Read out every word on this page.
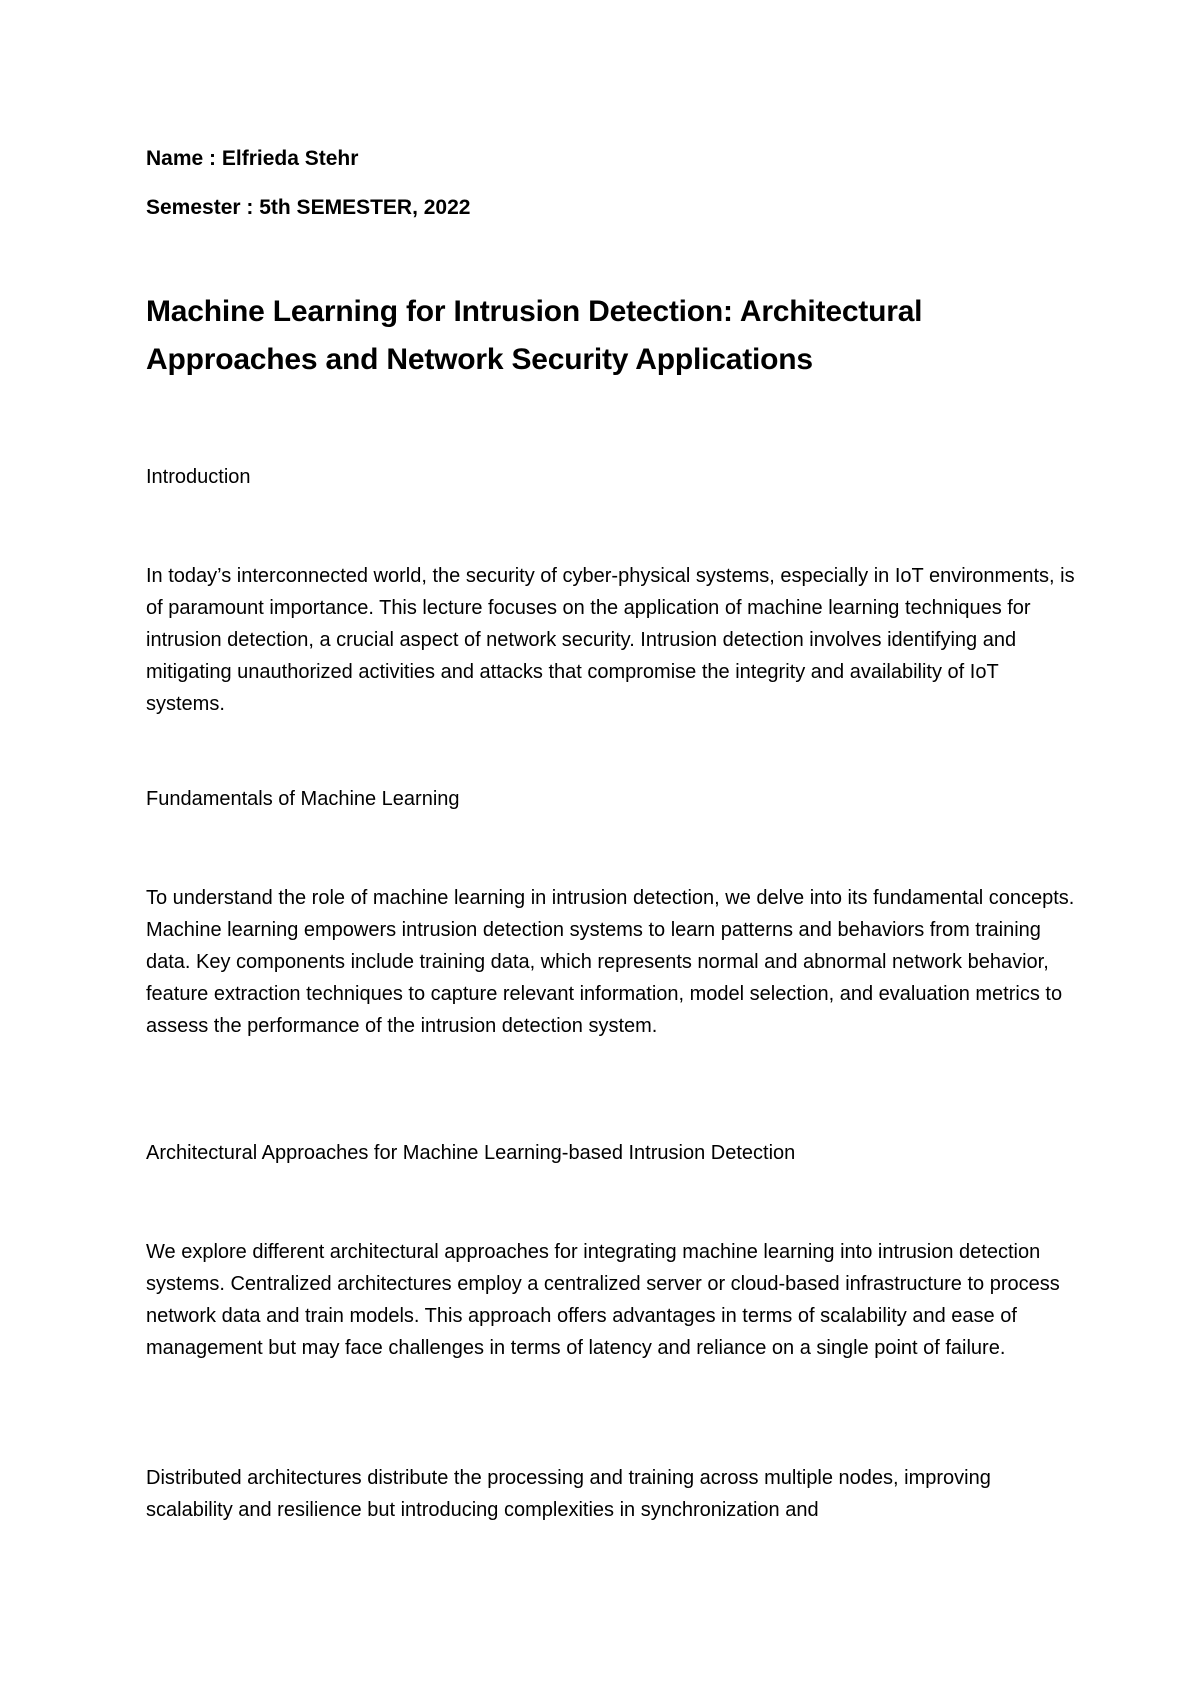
Name : Elfrieda Stehr

Semester : 5th SEMESTER, 2022

Machine Learning for Intrusion Detection: Architectural Approaches and Network Security Applications
Introduction

In today’s interconnected world, the security of cyber-physical systems, especially in IoT environments, is of paramount importance. This lecture focuses on the application of machine learning techniques for intrusion detection, a crucial aspect of network security. Intrusion detection involves identifying and mitigating unauthorized activities and attacks that compromise the integrity and availability of IoT systems.

Fundamentals of Machine Learning

To understand the role of machine learning in intrusion detection, we delve into its fundamental concepts. Machine learning empowers intrusion detection systems to learn patterns and behaviors from training data. Key components include training data, which represents normal and abnormal network behavior, feature extraction techniques to capture relevant information, model selection, and evaluation metrics to assess the performance of the intrusion detection system.

Architectural Approaches for Machine Learning-based Intrusion Detection

We explore different architectural approaches for integrating machine learning into intrusion detection systems. Centralized architectures employ a centralized server or cloud-based infrastructure to process network data and train models. This approach offers advantages in terms of scalability and ease of management but may face challenges in terms of latency and reliance on a single point of failure.

Distributed architectures distribute the processing and training across multiple nodes, improving scalability and resilience but introducing complexities in synchronization and
